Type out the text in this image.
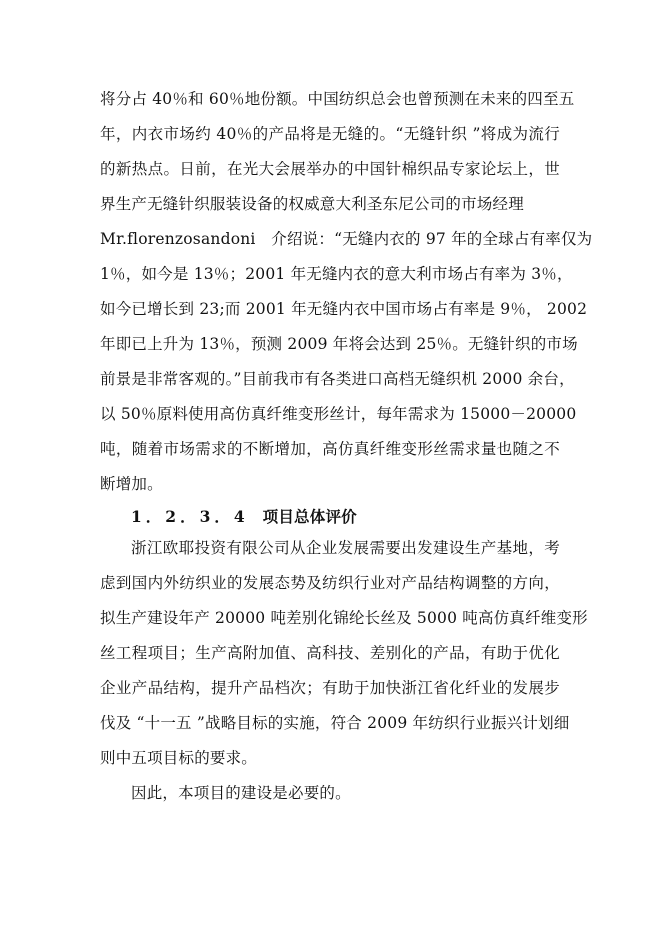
将分占 40％和 60％地份额。中国纺织总会也曾预测在未来的四至五
年，内衣市场约 40％的产品将是无缝的。“无缝针织 ”将成为流行
的新热点。日前，在光大会展举办的中国针棉织品专家论坛上，世
界生产无缝针织服装设备的权威意大利圣东尼公司的市场经理
Mr.florenzosandoni　介绍说：“无缝内衣的 97 年的全球占有率仅为
1％，如今是 13％；2001 年无缝内衣的意大利市场占有率为 3％，
如今已增长到 23;而 2001 年无缝内衣中国市场占有率是 9％， 2002
年即已上升为 13％，预测 2009 年将会达到 25％。无缝针织的市场
前景是非常客观的。”目前我市有各类进口高档无缝织机 2000 余台，
以 50％原料使用高仿真纤维变形丝计，每年需求为 15000－20000
吨，随着市场需求的不断增加，高仿真纤维变形丝需求量也随之不
断增加。
1．2．3．4 项目总体评价
浙江欧耶投资有限公司从企业发展需要出发建设生产基地，考
虑到国内外纺织业的发展态势及纺织行业对产品结构调整的方向，
拟生产建设年产 20000 吨差别化锦纶长丝及 5000 吨高仿真纤维变形
丝工程项目；生产高附加值、高科技、差别化的产品，有助于优化
企业产品结构，提升产品档次；有助于加快浙江省化纤业的发展步
伐及 “十一五 ”战略目标的实施，符合 2009 年纺织行业振兴计划细
则中五项目标的要求。
因此，本项目的建设是必要的。
